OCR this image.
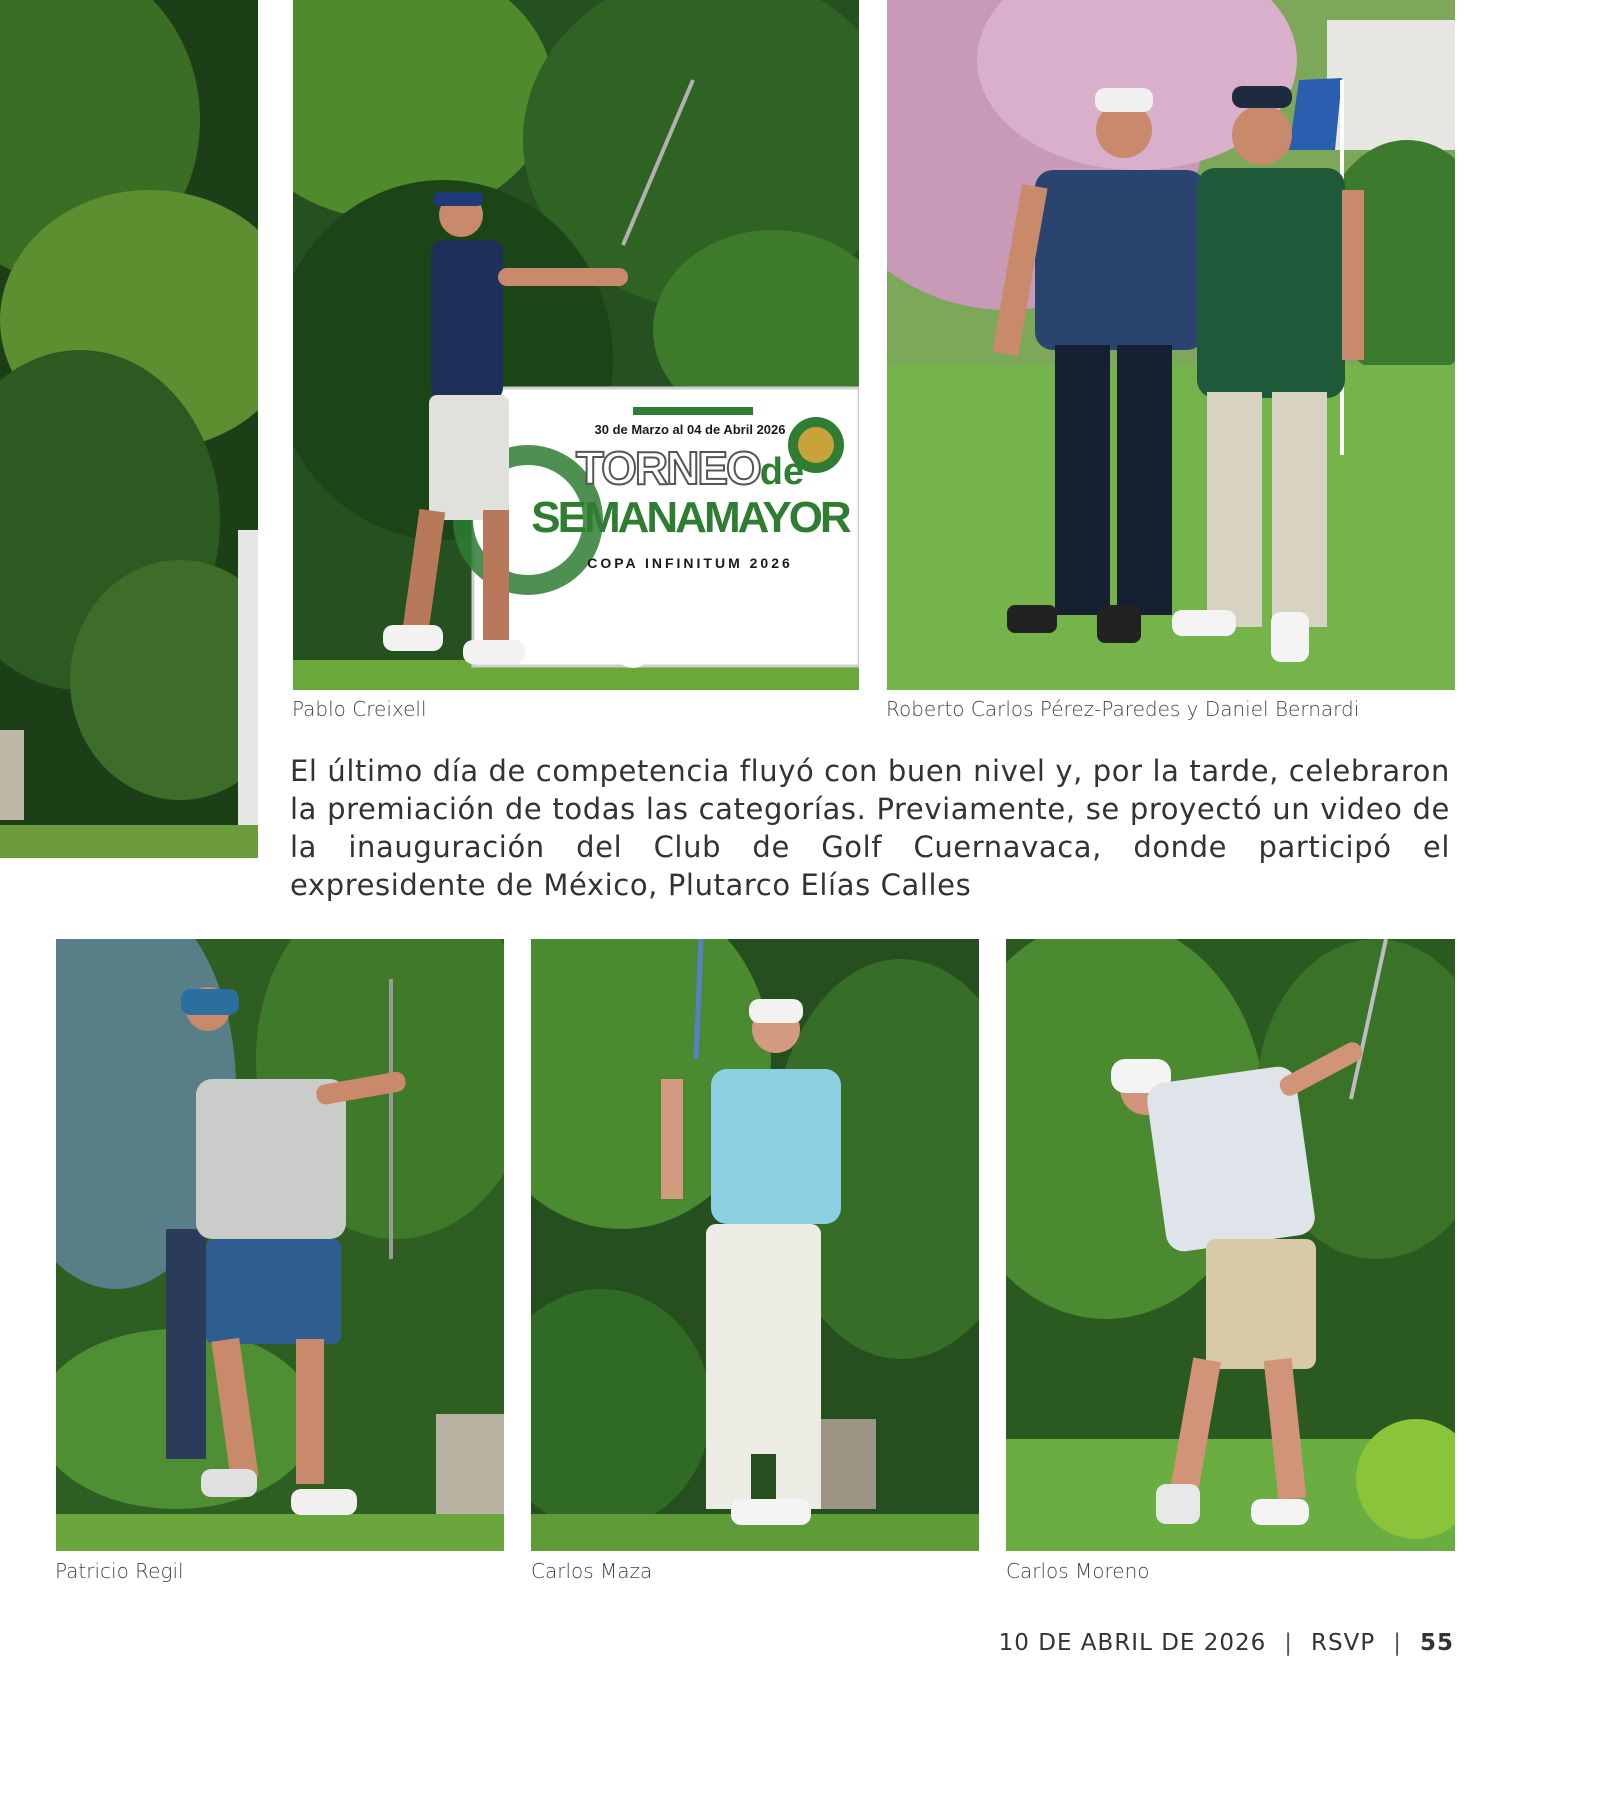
30 de Marzo al 04 de Abril 2026
TORNEOde
SEMANAMAYOR
COPA INFINITUM 2026
Pablo Creixell	Roberto Carlos Pérez-Paredes y Daniel Bernardi
El último día de competencia fluyó con buen nivel y, por la tarde, celebraron la premiación de todas las categorías. Previamente, se proyectó un video de la inauguración del Club de Golf Cuernavaca, donde participó el expresidente de México, Plutarco Elías Calles
Patricio Regil	Carlos Maza	Carlos Moreno
10 DE ABRIL DE 2026 | RSVP | 55
